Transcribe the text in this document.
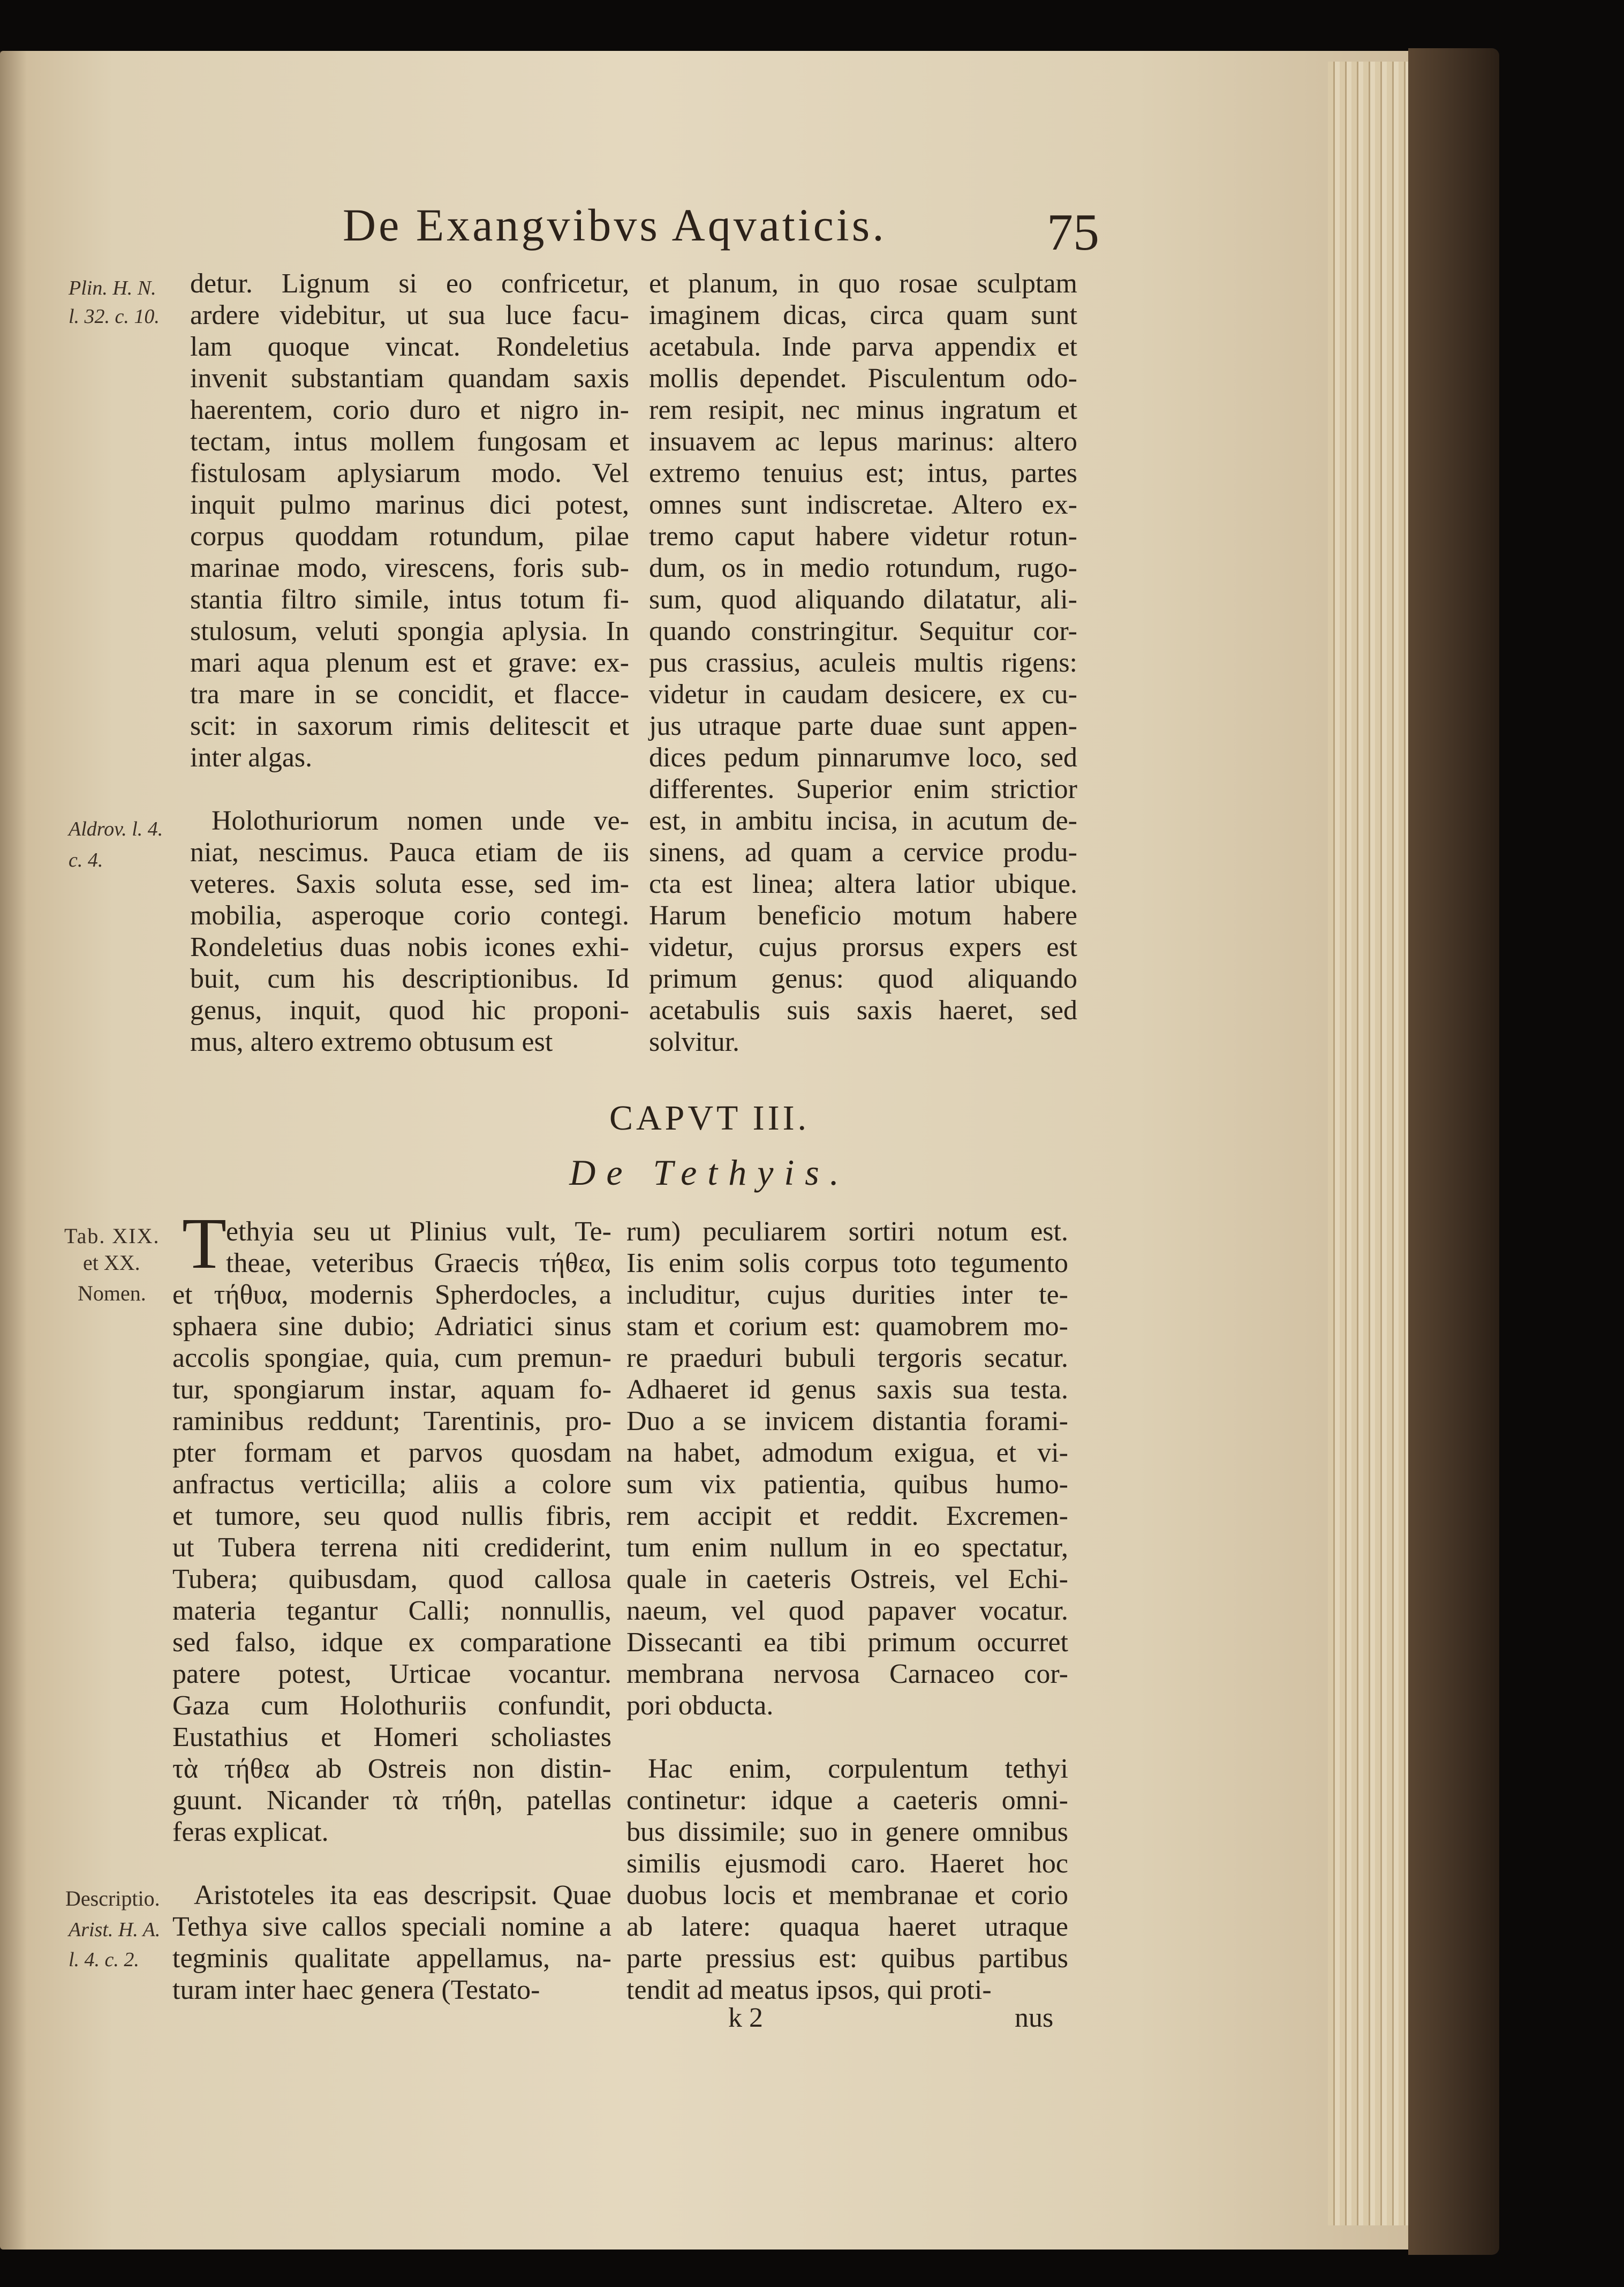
De Exangvibvs Aqvaticis.	75
Plin. H. N.
l. 32. c. 10.
Aldrov. l. 4.
c. 4.

detur. Lignum si eo confricetur,

ardere videbitur, ut sua luce facu-

lam quoque vincat. Rondeletius

invenit substantiam quandam saxis

haerentem, corio duro et nigro in-

tectam, intus mollem fungosam et

fistulosam aplysiarum modo. Vel

inquit pulmo marinus dici potest,

corpus quoddam rotundum, pilae

marinae modo, virescens, foris sub-

stantia filtro simile, intus totum fi-

stulosum, veluti spongia aplysia. In

mari aqua plenum est et grave: ex-

tra mare in se concidit, et flacce-

scit: in saxorum rimis delitescit et

inter algas.

Holothuriorum nomen unde ve-

niat, nescimus. Pauca etiam de iis

veteres. Saxis soluta esse, sed im-

mobilia, asperoque corio contegi.

Rondeletius duas nobis icones exhi-

buit, cum his descriptionibus. Id

genus, inquit, quod hic proponi-

mus, altero extremo obtusum est

et planum, in quo rosae sculptam

imaginem dicas, circa quam sunt

acetabula. Inde parva appendix et

mollis dependet. Pisculentum odo-

rem resipit, nec minus ingratum et

insuavem ac lepus marinus: altero

extremo tenuius est; intus, partes

omnes sunt indiscretae. Altero ex-

tremo caput habere videtur rotun-

dum, os in medio rotundum, rugo-

sum, quod aliquando dilatatur, ali-

quando constringitur. Sequitur cor-

pus crassius, aculeis multis rigens:

videtur in caudam desicere, ex cu-

jus utraque parte duae sunt appen-

dices pedum pinnarumve loco, sed

differentes. Superior enim strictior

est, in ambitu incisa, in acutum de-

sinens, ad quam a cervice produ-

cta est linea; altera latior ubique.

Harum beneficio motum habere

videtur, cujus prorsus expers est

primum genus: quod aliquando

acetabulis suis saxis haeret, sed

solvitur.

CAPVT III.
De Tethyis.
Tab. XIX.
et XX.
Nomen.
Descriptio.
Arist. H. A.
l. 4. c. 2.
T

ethyia seu ut Plinius vult, Te-

theae, veteribus Graecis τήθεα,

et τήθυα, modernis Spherdocles, a

sphaera sine dubio; Adriatici sinus

accolis spongiae, quia, cum premun-

tur, spongiarum instar, aquam fo-

raminibus reddunt; Tarentinis, pro-

pter formam et parvos quosdam

anfractus verticilla; aliis a colore

et tumore, seu quod nullis fibris,

ut Tubera terrena niti crediderint,

Tubera; quibusdam, quod callosa

materia tegantur Calli; nonnullis,

sed falso, idque ex comparatione

patere potest, Urticae vocantur.

Gaza cum Holothuriis confundit,

Eustathius et Homeri scholiastes

τὰ τήθεα ab Ostreis non distin-

guunt. Nicander τὰ τήθη, patellas

feras explicat.

Aristoteles ita eas descripsit. Quae

Tethya sive callos speciali nomine a

tegminis qualitate appellamus, na-

turam inter haec genera (Testato-

rum) peculiarem sortiri notum est.

Iis enim solis corpus toto tegumento

includitur, cujus durities inter te-

stam et corium est: quamobrem mo-

re praeduri bubuli tergoris secatur.

Adhaeret id genus saxis sua testa.

Duo a se invicem distantia forami-

na habet, admodum exigua, et vi-

sum vix patientia, quibus humo-

rem accipit et reddit. Excremen-

tum enim nullum in eo spectatur,

quale in caeteris Ostreis, vel Echi-

naeum, vel quod papaver vocatur.

Dissecanti ea tibi primum occurret

membrana nervosa Carnaceo cor-

pori obducta.

Hac enim, corpulentum tethyi

continetur: idque a caeteris omni-

bus dissimile; suo in genere omnibus

similis ejusmodi caro. Haeret hoc

duobus locis et membranae et corio

ab latere: quaqua haeret utraque

parte pressius est: quibus partibus

tendit ad meatus ipsos, qui proti-

k 2	nus
